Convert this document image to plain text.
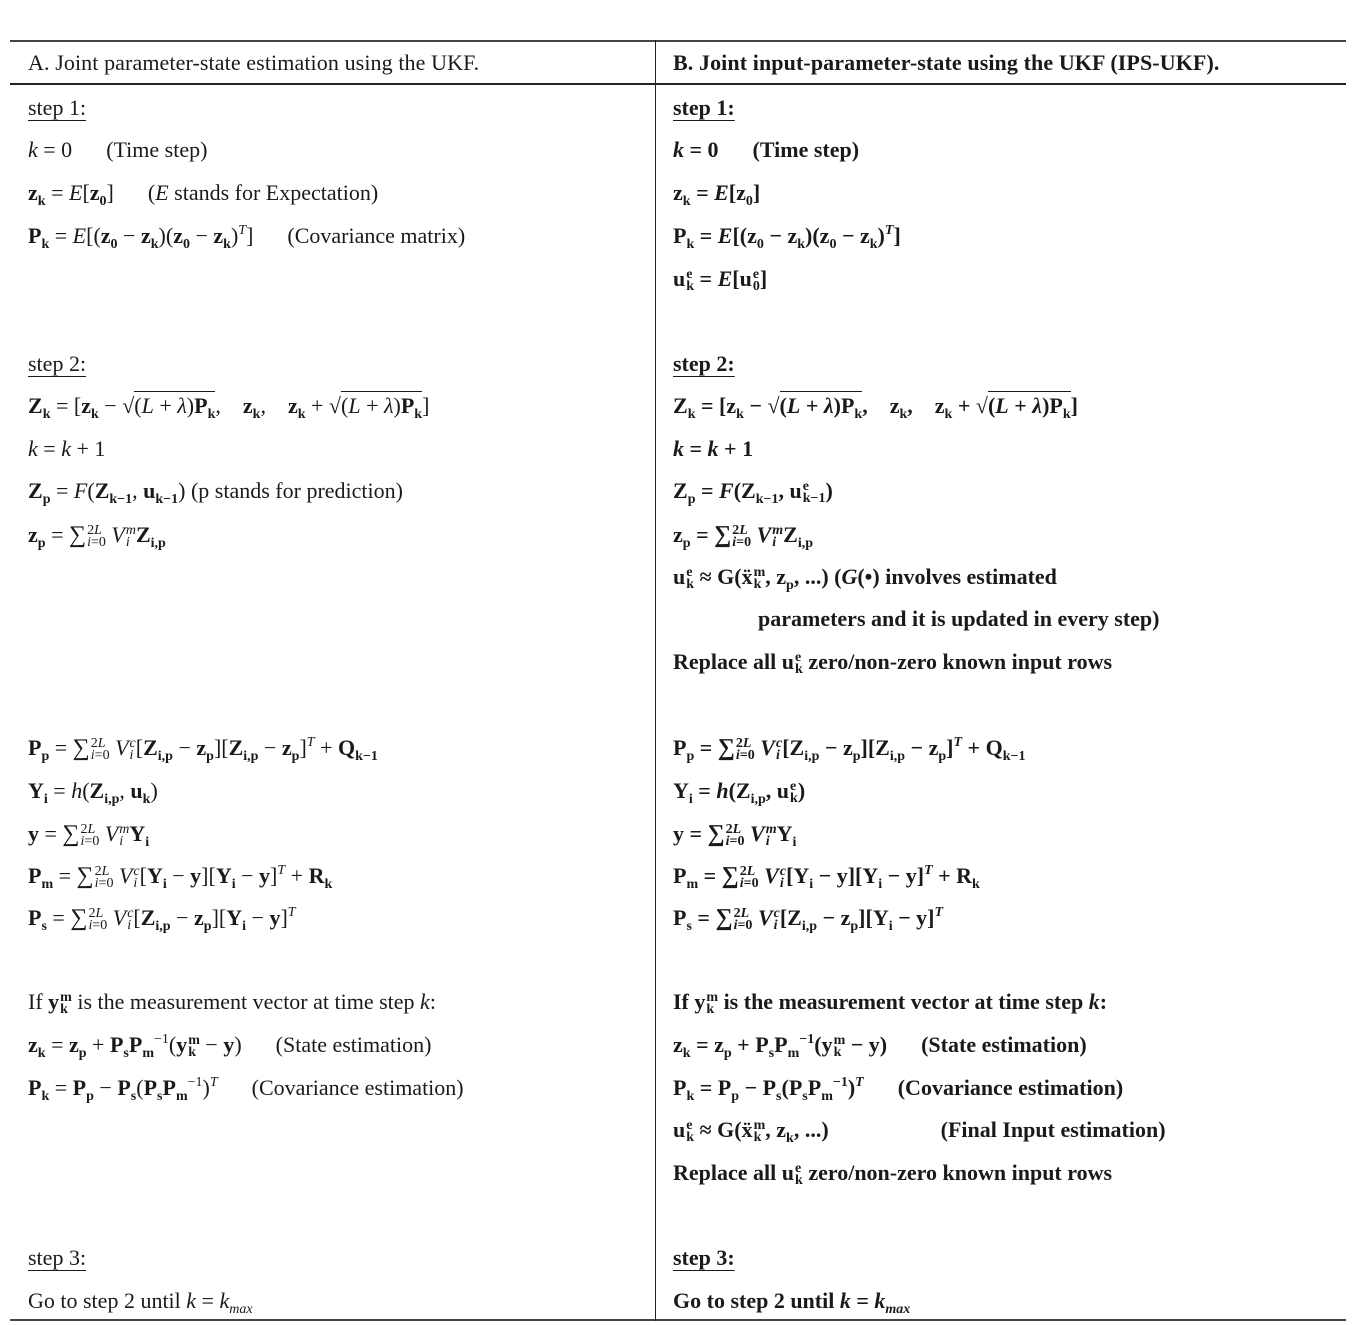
A. Joint parameter-state estimation using the UKF.	B. Joint input-parameter-state using the UKF (IPS-UKF).
step 1:
k = 0 (Time step)
$z_k = E[z_0]$ (E stands for Expectation)
$P_k = E[(z_0 - z_k)(z_0 - z_k)^T]$ (Covariance matrix)
step 2:
$Z_k = [z_k - √(L + \lambda)P_k$, $z_k$, $z_k + √(L + \lambda)P_k$]
k = k + 1
$Z_p = F(Z_{k-1}$, $u_{k-1}$) (p stands for prediction)
$z_p$ = ∑ 2L
i=0 V m
i $Z_{i,p}$
$P_p$ = ∑ 2L
i=0 V c
i $[Z_{i,p} - z_p][Z_{i,p} - z_p]^T + Q_{k-1}$
$Y_i = h(Z_{i,p}$, $u_k$)
y = ∑ 2L
i=0 V m
i $Y_i$
$P_m$ = ∑ 2L
i=0 V c
i $[Y_i - y][Y_i - y]^T + R_k$
$P_s$ = ∑ 2L
i=0 V c
i $[Z_{i,p} - z_p][Y_i - y]^T$
If y m
k is the measurement vector at time step k:
$z_k = z_p + P_sP_m^{-1}(y$ m
k − y) (State estimation)
$P_k = P_p - P_s(P_sP_m^{-1})^T$ (Covariance estimation)
step 3:
Go to step 2 until $k = k_{max}$
step 1:
k = 0 (Time step)
$z_k = E[z_0]$
$P_k = E[(z_0 - z_k)(z_0 - z_k)^T]$
u e
k = E[u e
0 ]
step 2:
$Z_k = [z_k - √(L + \lambda)P_k$, $z_k$, $z_k + √(L + \lambda)P_k$]
k = k + 1
$Z_p = F(Z_{k-1}$, u e
k−1 )
$z_p$ = ∑ 2L
i=0 V m
i $Z_{i,p}$
u e
k ≈ G(ẍ m
k , $z_p$, ...) (G(•) involves estimated
parameters and it is updated in every step)
Replace all u e
k zero/non-zero known input rows
$P_p$ = ∑ 2L
i=0 V c
i $[Z_{i,p} - z_p][Z_{i,p} - z_p]^T + Q_{k-1}$
$Y_i = h(Z_{i,p}$, u e
k )
y = ∑ 2L
i=0 V m
i $Y_i$
$P_m$ = ∑ 2L
i=0 V c
i $[Y_i - y][Y_i - y]^T + R_k$
$P_s$ = ∑ 2L
i=0 V c
i $[Z_{i,p} - z_p][Y_i - y]^T$
If y m
k is the measurement vector at time step k:
$z_k = z_p + P_sP_m^{-1}(y$ m
k − y) (State estimation)
$P_k = P_p - P_s(P_sP_m^{-1})^T$ (Covariance estimation)
u e
k ≈ G(ẍ m
k , $z_k$, ...)	(Final Input estimation)
Replace all u e
k zero/non-zero known input rows
step 3:
Go to step 2 until $k = k_{max}$
